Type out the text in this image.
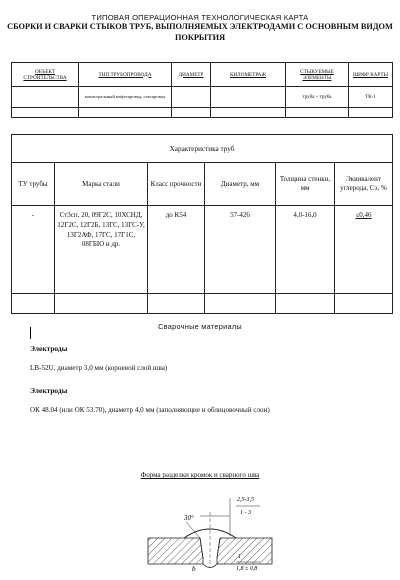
ТИПОВАЯ ОПЕРАЦИОННАЯ ТЕХНОЛОГИЧЕСКАЯ КАРТА
СБОРКИ И СВАРКИ СТЫКОВ ТРУБ, ВЫПОЛНЯЕМЫХ ЭЛЕКТРОДАМИ С ОСНОВНЫМ ВИДОМ ПОКРЫТИЯ
ОБЪЕКТ СТРОИТЕЛЬСТВА	ТИП ТРУБОПРОВОДА	ДИАМЕТР	КИЛОМЕТРАЖ	СТЫКУЕМЫЕ ЭЛЕМЕНТЫ	ШИФР КАРТЫ
	магистральный нефтепровод, газопровод			труба + труба	ТК-1

Характеристика труб					
ТУ трубы	Марка стали	Класс прочности	Диаметр, мм	Толщина стенки, мм	Эквивалент углерода, Сэ, %
-	Ст3сп, 20, 09Г2С, 10ХСНД, 12Г2С, 12Г2Б, 13ГС, 13ГС-У, 13Г2АФ, 17ГС, 17Г1С, 08ГБЮ и др.	до К54	57-426	4,0-16,0	≤0,46

Сварочные материалы
Электроды
LB-52U, диаметр 3,0 мм (корневой слой шва)
Электроды
ОК 48.04 (или ОК 53.70), диаметр 4,0 мм (заполняющие и облицовочный слои)
Форма разделки кромок и сварного шва
30°
2,5-3,5
1 - 3
1,8 ± 0,8
b
1
